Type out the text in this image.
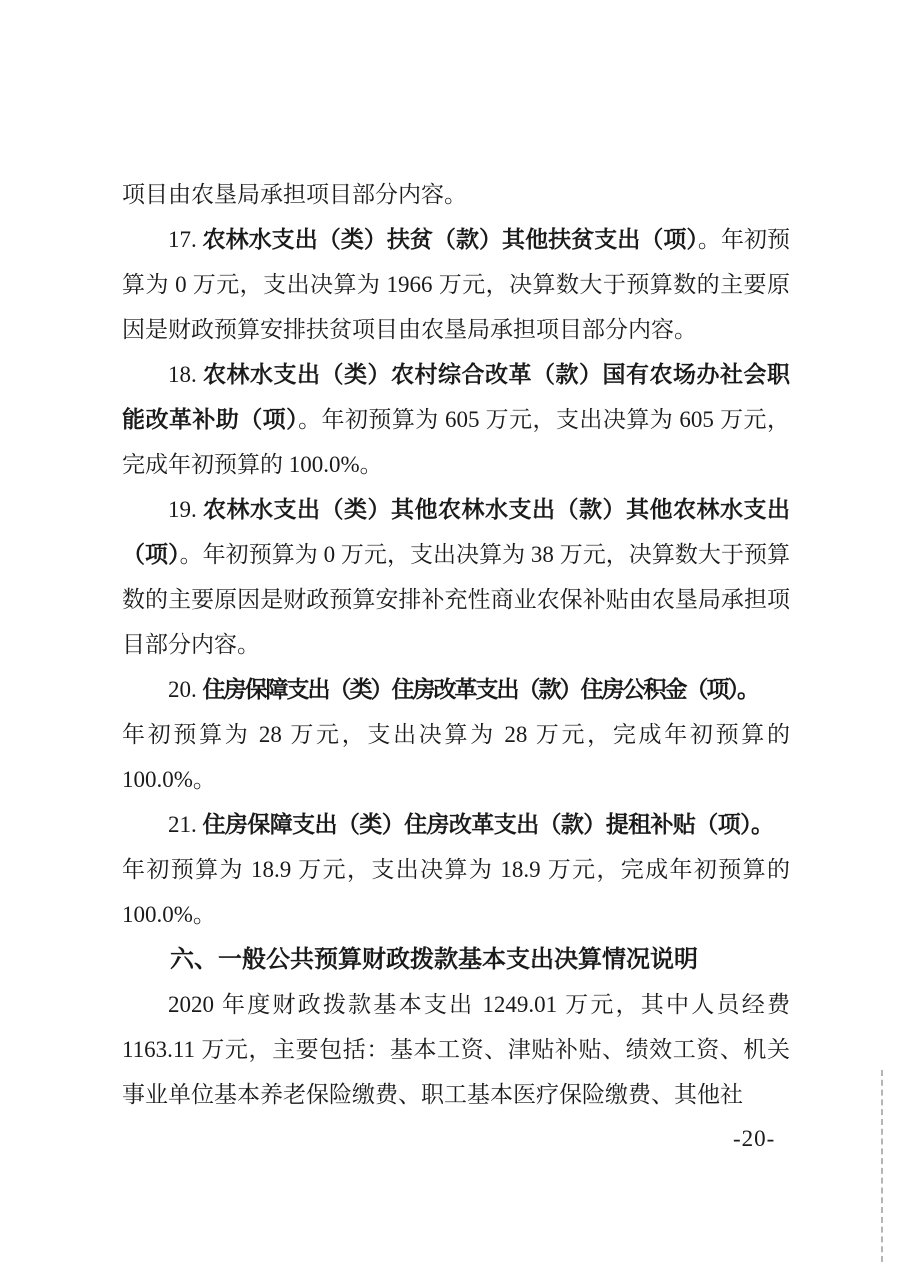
项目由农垦局承担项目部分内容。

17. 农林水支出（类）扶贫（款）其他扶贫支出（项）。年初预算为 0 万元，支出决算为 1966 万元，决算数大于预算数的主要原因是财政预算安排扶贫项目由农垦局承担项目部分内容。

18. 农林水支出（类）农村综合改革（款）国有农场办社会职能改革补助（项）。年初预算为 605 万元，支出决算为 605 万元，完成年初预算的 100.0%。

19. 农林水支出（类）其他农林水支出（款）其他农林水支出（项）。年初预算为 0 万元，支出决算为 38 万元，决算数大于预算数的主要原因是财政预算安排补充性商业农保补贴由农垦局承担项目部分内容。

20. 住房保障支出（类）住房改革支出（款）住房公积金（项）。
年初预算为 28 万元，支出决算为 28 万元，完成年初预算的 100.0%。

21. 住房保障支出（类）住房改革支出（款）提租补贴（项）。
年初预算为 18.9 万元，支出决算为 18.9 万元，完成年初预算的 100.0%。

六、一般公共预算财政拨款基本支出决算情况说明

2020 年度财政拨款基本支出 1249.01 万元，其中人员经费 1163.11 万元，主要包括：基本工资、津贴补贴、绩效工资、机关事业单位基本养老保险缴费、职工基本医疗保险缴费、其他社

-20-
